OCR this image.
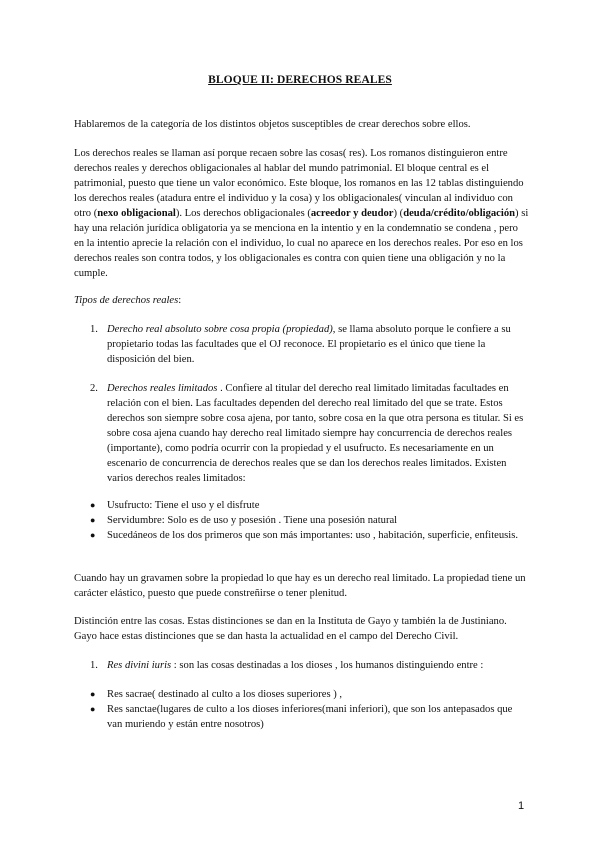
BLOQUE II: DERECHOS REALES

Hablaremos de la categoría de los distintos objetos susceptibles de crear derechos sobre ellos.

Los derechos reales se llaman así porque recaen sobre las cosas( res). Los romanos distinguieron entre derechos reales y derechos obligacionales al hablar del mundo patrimonial. El bloque central es el patrimonial, puesto que tiene un valor económico. Este bloque, los romanos en las 12 tablas distinguiendo los derechos reales (atadura entre el individuo y la cosa) y los obligacionales( vinculan al individuo con otro (nexo obligacional). Los derechos obligacionales (acreedor y deudor) (deuda/crédito/obligación) si hay una relación jurídica obligatoria ya se menciona en la intentio y en la condemnatio se condena , pero en la intentio aprecie la relación con el individuo, lo cual no aparece en los derechos reales. Por eso en los derechos reales son contra todos, y los obligacionales es contra con quien tiene una obligación y no la cumple.

Tipos de derechos reales:

1. Derecho real absoluto sobre cosa propia (propiedad), se llama absoluto porque le confiere a su propietario todas las facultades que el OJ reconoce. El propietario es el único que tiene la disposición del bien.

2. Derechos reales limitados . Confiere al titular del derecho real limitado limitadas facultades en relación con el bien. Las facultades dependen del derecho real limitado del que se trate. Estos derechos son siempre sobre cosa ajena, por tanto, sobre cosa en la que otra persona es titular. Si es sobre cosa ajena cuando hay derecho real limitado siempre hay concurrencia de derechos reales (importante), como podría ocurrir con la propiedad y el usufructo. Es necesariamente en un escenario de concurrencia de derechos reales que se dan los derechos reales limitados. Existen varios derechos reales limitados:

● Usufructo: Tiene el uso y el disfrute

● Servidumbre: Solo es de uso y posesión . Tiene una posesión natural

● Sucedáneos de los dos primeros que son más importantes: uso , habitación, superficie, enfiteusis.

Cuando hay un gravamen sobre la propiedad lo que hay es un derecho real limitado. La propiedad tiene un carácter elástico, puesto que puede constreñirse o tener plenitud.

Distinción entre las cosas. Estas distinciones se dan en la Instituta de Gayo y también la de Justiniano. Gayo hace estas distinciones que se dan hasta la actualidad en el campo del Derecho Civil.

1. Res divini iuris : son las cosas destinadas a los dioses , los humanos distinguiendo entre :

● Res sacrae( destinado al culto a los dioses superiores ) ,

● Res sanctae(lugares de culto a los dioses inferiores(mani inferiori), que son los antepasados que van muriendo y están entre nosotros)

1
